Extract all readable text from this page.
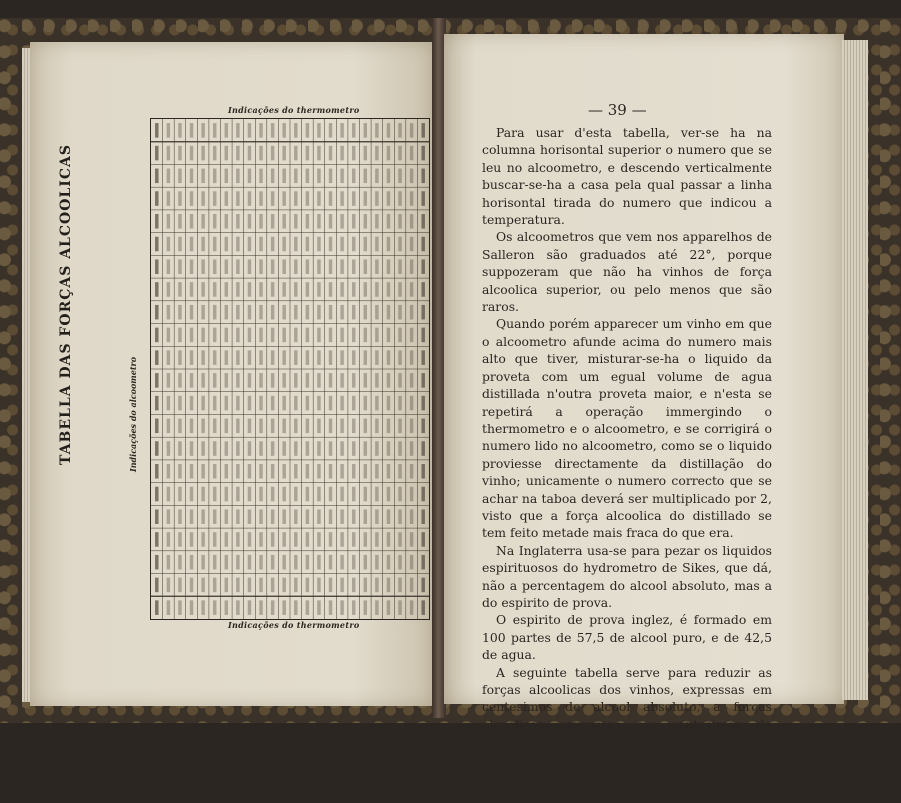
Indicações do thermometro
TABELLA DAS FORÇAS ALCOOLICAS	Indicações do alcoometro
Indicações do thermometro
— 39 —

Para usar d'esta tabella, ver-se ha na columna horisontal superior o numero que se leu no alcoometro, e descendo verticalmente buscar-se-ha a casa pela qual passar a linha horisontal tirada do numero que indicou a temperatura.

Os alcoometros que vem nos apparelhos de Salleron são graduados até 22°, porque suppozeram que não ha vinhos de força alcoolica superior, ou pelo menos que são raros.

Quando porém apparecer um vinho em que o alcoometro afunde acima do numero mais alto que tiver, misturar-se-ha o liquido da proveta com um egual volume de agua distillada n'outra proveta maior, e n'esta se repetirá a operação immergindo o thermometro e o alcoometro, e se corrigirá o numero lido no alcoometro, como se o liquido proviesse directamente da distillação do vinho; unicamente o numero correcto que se achar na taboa deverá ser multiplicado por 2, visto que a força alcoolica do distillado se tem feito metade mais fraca do que era.

Na Inglaterra usa-se para pezar os liquidos espirituosos do hydrometro de Sikes, que dá, não a percentagem do alcool absoluto, mas a do espirito de prova.

O espirito de prova inglez, é formado em 100 partes de 57,5 de alcool puro, e de 42,5 de agua.

A seguinte tabella serve para reduzir as forças alcoolicas dos vinhos, expressas em centesimos de alcool absoluto, a forças alcoolicas expressas em centesimos de espirito de prova.

A tabella foi organisada até ao grau 35, porque não ha vinho por mais alcoolico que exceda esta força.
